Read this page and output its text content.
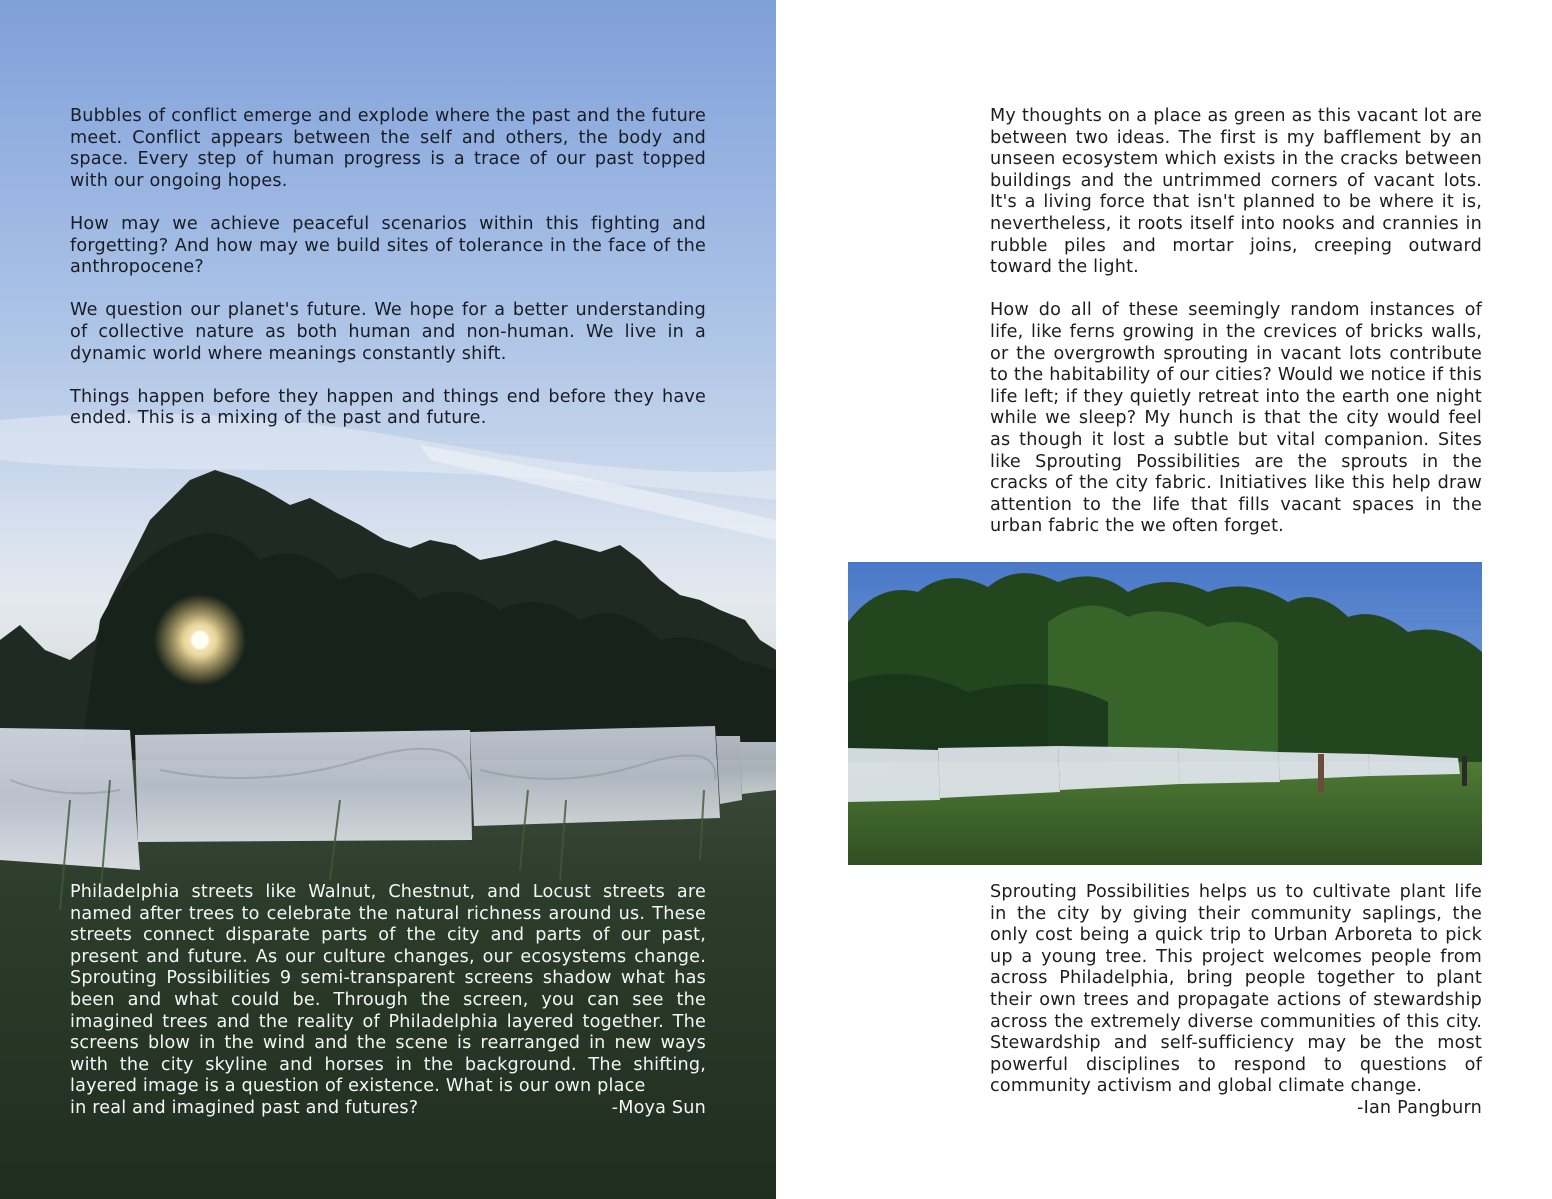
Bubbles of conflict emerge and explode where the past and the future meet. Conflict appears between the self and others, the body and space. Every step of human progress is a trace of our past topped with our ongoing hopes.

How may we achieve peaceful scenarios within this fighting and forgetting? And how may we build sites of tolerance in the face of the anthropocene?

We question our planet's future. We hope for a better understanding of collective nature as both human and non-human. We live in a dynamic world where meanings constantly shift.

Things happen before they happen and things end before they have ended. This is a mixing of the past and future.

Philadelphia streets like Walnut, Chestnut, and Locust streets are named after trees to celebrate the natural richness around us. These streets connect disparate parts of the city and parts of our past, present and future. As our culture changes, our ecosystems change. Sprouting Possibilities 9 semi-transparent screens shadow what has been and what could be. Through the screen, you can see the imagined trees and the reality of Philadelphia layered together. The screens blow in the wind and the scene is rearranged in new ways with the city skyline and horses in the background. The shifting, layered image is a question of existence. What is our own place

in real and imagined past and futures?	-Moya Sun

My thoughts on a place as green as this vacant lot are between two ideas. The first is my bafflement by an unseen ecosystem which exists in the cracks between buildings and the untrimmed corners of vacant lots. It's a living force that isn't planned to be where it is, nevertheless, it roots itself into nooks and crannies in rubble piles and mortar joins, creeping outward toward the light.

How do all of these seemingly random instances of life, like ferns growing in the crevices of bricks walls, or the overgrowth sprouting in vacant lots contribute to the habitability of our cities? Would we notice if this life left; if they quietly retreat into the earth one night while we sleep? My hunch is that the city would feel as though it lost a subtle but vital companion. Sites like Sprouting Possibilities are the sprouts in the cracks of the city fabric. Initiatives like this help draw attention to the life that fills vacant spaces in the urban fabric the we often forget.

Sprouting Possibilities helps us to cultivate plant life in the city by giving their community saplings, the only cost being a quick trip to Urban Arboreta to pick up a young tree. This project welcomes people from across Philadelphia, bring people together to plant their own trees and propagate actions of stewardship across the extremely diverse communities of this city. Stewardship and self-sufficiency may be the most powerful disciplines to respond to questions of community activism and global climate change.

-Ian Pangburn
